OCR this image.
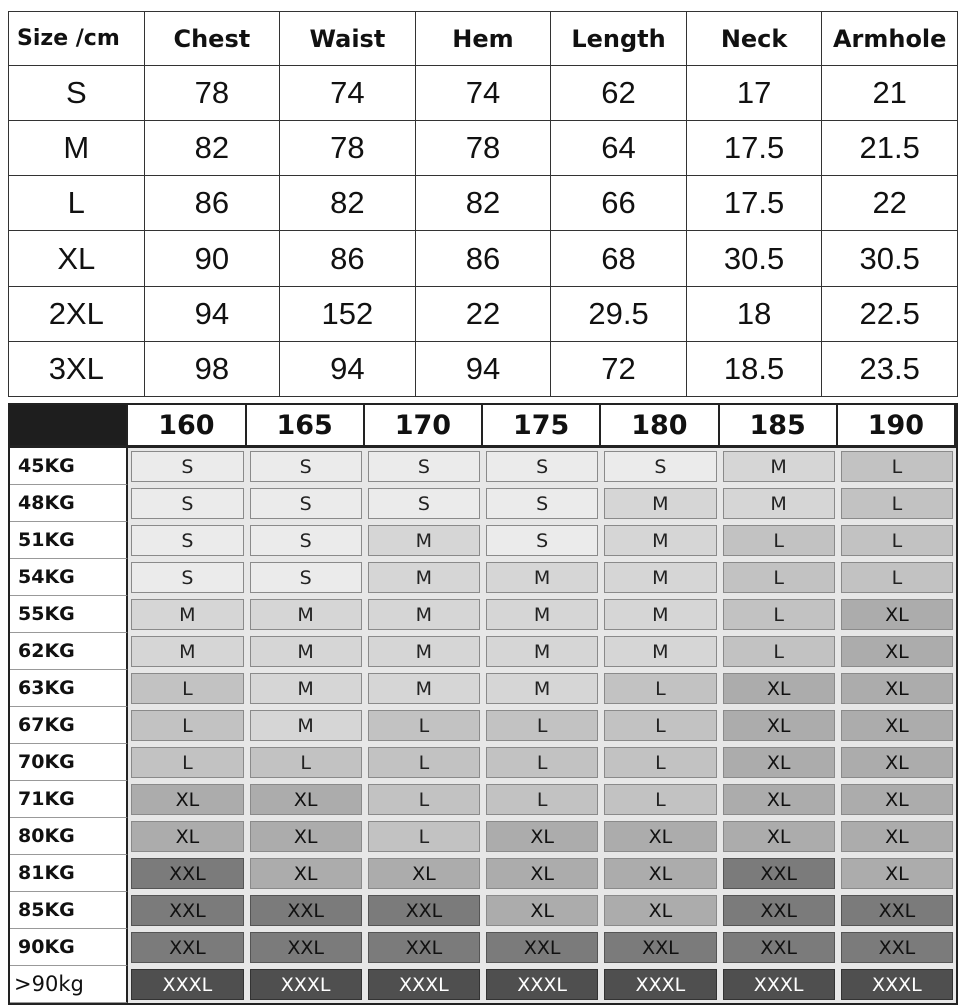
Size /cm	Chest	Waist	Hem	Length	Neck	Armhole
S	78	74	74	62	17	21
M	82	78	78	64	17.5	21.5
L	86	82	82	66	17.5	22
XL	90	86	86	68	30.5	30.5
2XL	94	152	22	29.5	18	22.5
3XL	98	94	94	72	18.5	23.5
	160	165	170	175	180	185	190
45KG	S	S	S	S	S	M	L

48KG	S	S	S	S	M	M	L

51KG	S	S	M	S	M	L	L

54KG	S	S	M	M	M	L	L

55KG	M	M	M	M	M	L	XL

62KG	M	M	M	M	M	L	XL

63KG	L	M	M	M	L	XL	XL

67KG	L	M	L	L	L	XL	XL

70KG	L	L	L	L	L	XL	XL

71KG	XL	XL	L	L	L	XL	XL

80KG	XL	XL	L	XL	XL	XL	XL

81KG	XXL	XL	XL	XL	XL	XXL	XL

85KG	XXL	XXL	XXL	XL	XL	XXL	XXL

90KG	XXL	XXL	XXL	XXL	XXL	XXL	XXL

>90kg	XXXL	XXXL	XXXL	XXXL	XXXL	XXXL	XXXL
